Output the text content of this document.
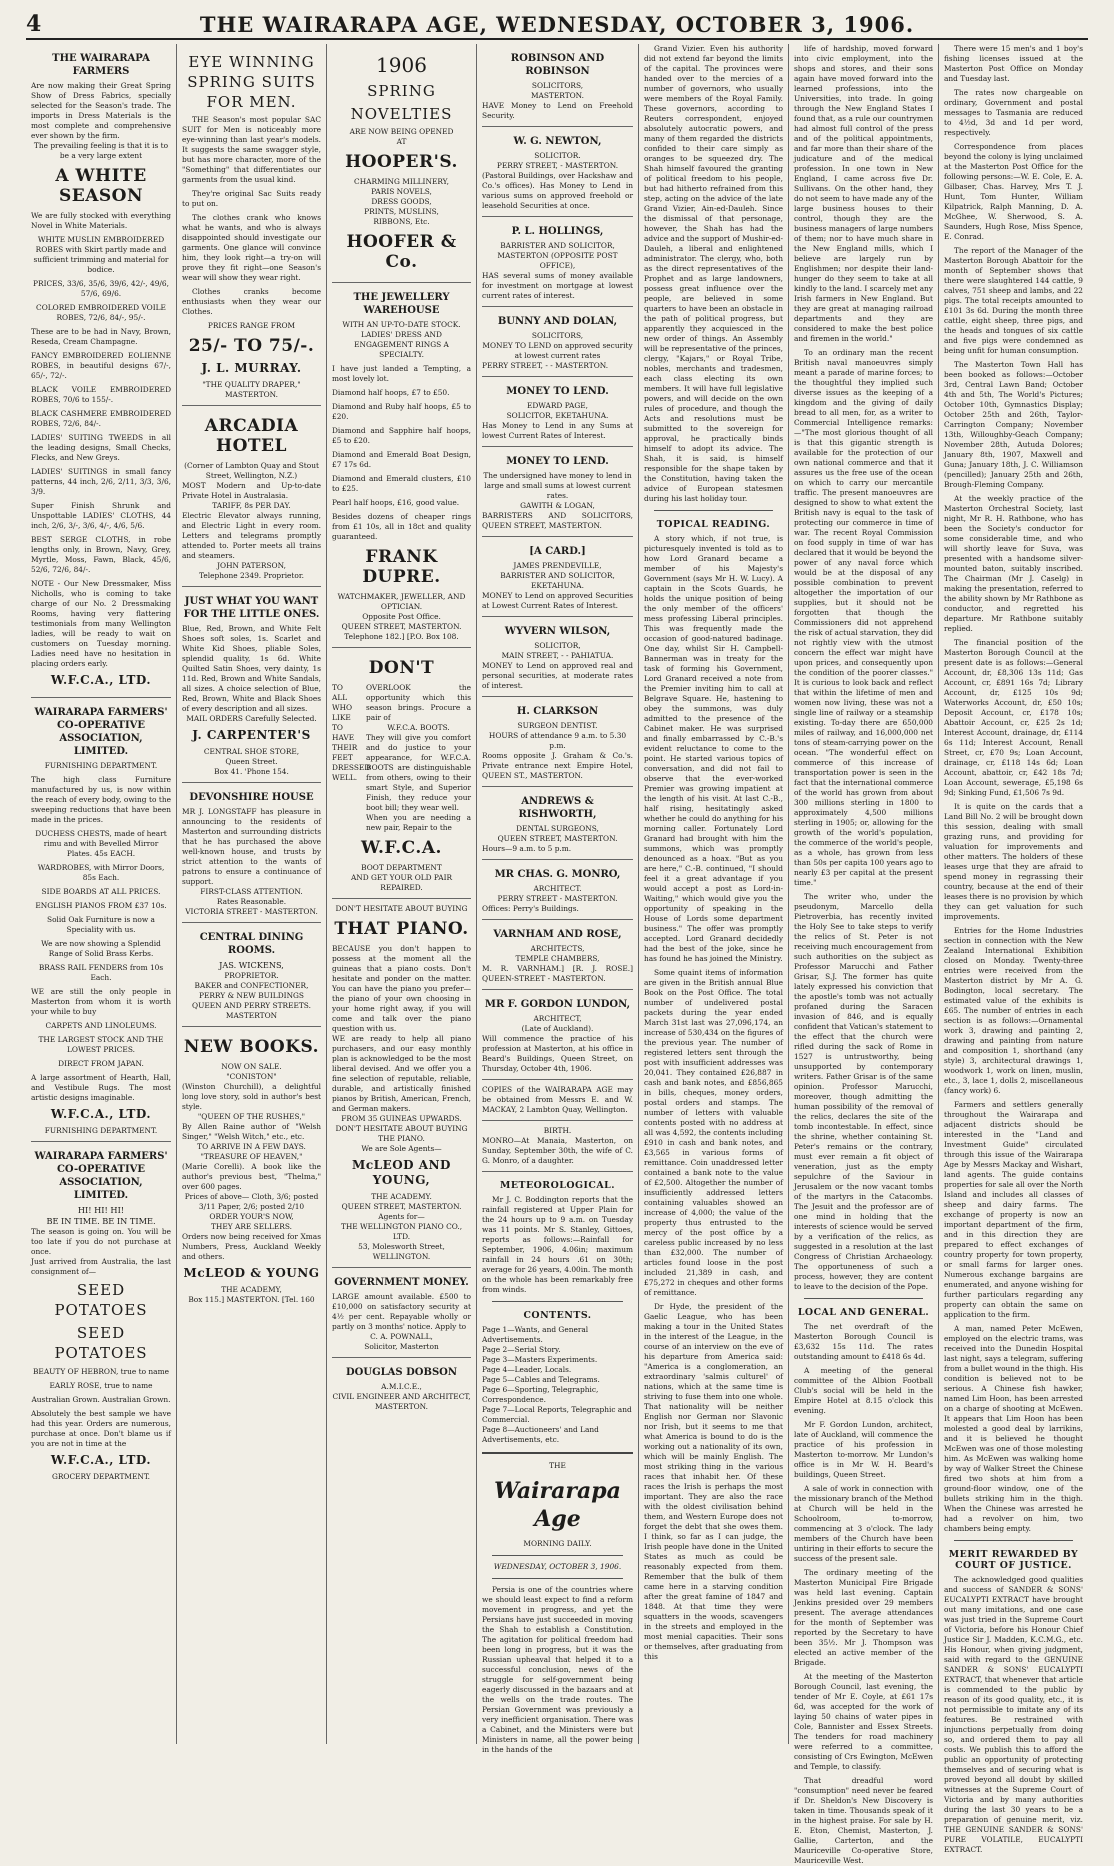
4	THE WAIRARAPA AGE, WEDNESDAY, OCTOBER 3, 1906.
THE WAIRARAPA FARMERS
Are now making their Great Spring Show of Dress Fabrics, specially selected for the Season's trade. The imports in Dress Materials is the most complete and comprehensive ever shown by the firm.
The prevailing feeling is that it is to be a very large extent
A WHITE SEASON
We are fully stocked with everything Novel in White Materials.
WHITE MUSLIN EMBROIDERED ROBES with Skirt partly made and sufficient trimming and material for bodice.
PRICES, 33/6, 35/6, 39/6, 42/-, 49/6, 57/6, 69/6.
COLORED EMBROIDERED VOILE ROBES, 72/6, 84/-, 95/-.
These are to be had in Navy, Brown, Reseda, Cream Champagne.
FANCY EMBROIDERED EOLIENNE ROBES, in beautiful designs 67/-, 65/-, 72/-.
BLACK VOILE EMBROIDERED ROBES, 70/6 to 155/-.
BLACK CASHMERE EMBROIDERED ROBES, 72/6, 84/-.
LADIES' SUITING TWEEDS in all the leading designs, Small Checks, Flecks, and New Greys.
LADIES' SUITINGS in small fancy patterns, 44 inch, 2/6, 2/11, 3/3, 3/6, 3/9.
Super Finish Shrunk and Unspottable LADIES' CLOTHS, 44 inch, 2/6, 3/-, 3/6, 4/-, 4/6, 5/6.
BEST SERGE CLOTHS, in robe lengths only, in Brown, Navy, Grey, Myrtle, Moss, Fawn, Black, 45/6, 52/6, 72/6, 84/-.
NOTE - Our New Dressmaker, Miss Nicholls, who is coming to take charge of our No. 2 Dressmaking Rooms, having very flattering testimonials from many Wellington ladies, will be ready to wait on customers on Tuesday morning. Ladies need have no hesitation in placing orders early.
W.F.C.A., LTD.
WAIRARAPA FARMERS' CO-OPERATIVE ASSOCIATION, LIMITED.
FURNISHING DEPARTMENT.
The high class Furniture manufactured by us, is now within the reach of every body, owing to the sweeping reductions that have been made in the prices.
DUCHESS CHESTS, made of heart rimu and with Bevelled Mirror Plates. 45s EACH.
WARDROBES, with Mirror Doors, 85s Each.
SIDE BOARDS AT ALL PRICES.
ENGLISH PIANOS FROM £37 10s.
Solid Oak Furniture is now a Speciality with us.
We are now showing a Splendid Range of Solid Brass Kerbs.
BRASS RAIL FENDERS from 10s Each.
WE are still the only people in Masterton from whom it is worth your while to buy
CARPETS AND LINOLEUMS.
THE LARGEST STOCK AND THE LOWEST PRICES.
DIRECT FROM JAPAN.
A large assortment of Hearth, Hall, and Vestibule Rugs. The most artistic designs imaginable.
W.F.C.A., LTD.
FURNISHING DEPARTMENT.
WAIRARAPA FARMERS' CO-OPERATIVE ASSOCIATION, LIMITED.
HI! HI! HI!
BE IN TIME. BE IN TIME.
The season is going on. You will be too late if you do not purchase at once.
Just arrived from Australia, the last consignment of—
SEED POTATOES
SEED POTATOES
BEAUTY OF HEBRON, true to name
EARLY ROSE, true to name
Australian Grown. Australian Grown.
Absolutely the best sample we have had this year. Orders are numerous, purchase at once. Don't blame us if you are not in time at the
W.F.C.A., LTD.
GROCERY DEPARTMENT.
EYE WINNING SPRING SUITS FOR MEN.

THE Season's most popular SAC SUIT for Men is noticeably more eye-winning than last year's models. It suggests the same swagger style, but has more character, more of the "Something" that differentiates our garments from the usual kind.

They're original Sac Suits ready to put on.

The clothes crank who knows what he wants, and who is always disappointed should investigate our garments. One glance will convince him, they look right—a try-on will prove they fit right—one Season's wear will show they wear right.

Clothes cranks become enthusiasts when they wear our Clothes.

PRICES RANGE FROM
25/- TO 75/-.
J. L. MURRAY.
"THE QUALITY DRAPER,"
MASTERTON.
ARCADIA HOTEL
(Corner of Lambton Quay and Stout Street, Wellington, N.Z.)
MOST Modern and Up-to-date Private Hotel in Australasia.
TARIFF, 8s PER DAY.
Electric Elevator always running, and Electric Light in every room. Letters and telegrams promptly attended to. Porter meets all trains and steamers.
JOHN PATERSON,
Telephone 2349. Proprietor.
JUST WHAT YOU WANT FOR THE LITTLE ONES.
Blue, Red, Brown, and White Felt Shoes soft soles, 1s. Scarlet and White Kid Shoes, pliable Soles, splendid quality, 1s 6d. White Quilted Satin Shoes, very dainty, 1s 11d. Red, Brown and White Sandals, all sizes. A choice selection of Blue, Red, Brown, White and Black Shoes of every description and all sizes.
MAIL ORDERS Carefully Selected.
J. CARPENTER'S
CENTRAL SHOE STORE,
Queen Street.
Box 41. 'Phone 154.
DEVONSHIRE HOUSE
MR J. LONGSTAFF has pleasure in announcing to the residents of Masterton and surrounding districts that he has purchased the above well-known house, and trusts by strict attention to the wants of patrons to ensure a continuance of support.
FIRST-CLASS ATTENTION.
Rates Reasonable.
VICTORIA STREET - MASTERTON.
CENTRAL DINING ROOMS.
JAS. WICKENS,
PROPRIETOR.
BAKER and CONFECTIONER,
PERRY & NEW BUILDINGS
QUEEN AND PERRY STREETS.
MASTERTON
NEW BOOKS.
NOW ON SALE.
"CONISTON"
(Winston Churchill), a delightful long love story, sold in author's best style.
"QUEEN OF THE RUSHES,"
By Allen Raine author of "Welsh Singer," "Welsh Witch," etc., etc.
TO ARRIVE IN A FEW DAYS.
"TREASURE OF HEAVEN,"
(Marie Corelli). A book like the author's previous best, "Thelma," over 600 pages.
Prices of above— Cloth, 3/6; posted 3/11 Paper, 2/6; posted 2/10
ORDER YOUR'S NOW,
THEY ARE SELLERS.
Orders now being received for Xmas Numbers, Press, Auckland Weekly and others.
McLEOD & YOUNG
THE ACADEMY,
Box 115.] MASTERTON. [Tel. 160
1906
SPRING
NOVELTIES
ARE NOW BEING OPENED
AT
HOOPER'S.
CHARMING MILLINERY,
PARIS NOVELS,
DRESS GOODS,
PRINTS, MUSLINS,
RIBBONS, Etc.
HOOFER & Co.
THE JEWELLERY WAREHOUSE
WITH AN UP-TO-DATE STOCK.
LADIES' DRESS AND ENGAGEMENT RINGS A SPECIALTY.
I have just landed a Tempting, a most lovely lot.
Diamond half hoops, £7 to £50.
Diamond and Ruby half hoops, £5 to £20.
Diamond and Sapphire half hoops, £5 to £20.
Diamond and Emerald Boat Design, £7 17s 6d.
Diamond and Emerald clusters, £10 to £25.
Pearl half hoops, £16, good value.
Besides dozens of cheaper rings from £1 10s, all in 18ct and quality guaranteed.
FRANK DUPRE.
WATCHMAKER, JEWELLER, AND OPTICIAN.
Opposite Post Office.
QUEEN STREET, MASTERTON.
Telephone 182.] [P.O. Box 108.
DON'T
TO
ALL
WHO
LIKE
TO
HAVE
THEIR
FEET
DRESSED
WELL.
OVERLOOK the opportunity which this season brings. Procure a pair of
W.F.C.A. BOOTS.
They will give you comfort and do justice to your appearance, for W.F.C.A. BOOTS are distinguishable from others, owing to their smart Style, and Superior Finish, they reduce your boot bill; they wear well.
When you are needing a new pair, Repair to the
W.F.C.A.
BOOT DEPARTMENT
AND GET YOUR OLD PAIR REPAIRED.
DON'T HESITATE ABOUT BUYING
THAT PIANO.
BECAUSE you don't happen to possess at the moment all the guineas that a piano costs. Don't hesitate and ponder on the matter. You can have the piano you prefer—the piano of your own choosing in your home right away, if you will come and talk over the piano question with us.
WE are ready to help all piano purchasers, and our easy monthly plan is acknowledged to be the most liberal devised. And we offer you a fine selection of reputable, reliable, durable, and artistically finished pianos by British, American, French, and German makers.
FROM 35 GUINEAS UPWARDS.
DON'T HESITATE ABOUT BUYING THE PIANO.
We are Sole Agents—
McLEOD AND YOUNG,
THE ACADEMY.
QUEEN STREET, MASTERTON.
Agents for—
THE WELLINGTON PIANO CO., LTD.
53, Molesworth Street, WELLINGTON.
GOVERNMENT MONEY.
LARGE amount available. £500 to £10,000 on satisfactory security at 4½ per cent. Repayable wholly or partly on 3 months' notice. Apply to
C. A. POWNALL,
Solicitor, Masterton
DOUGLAS DOBSON
A.M.I.C.E.,
CIVIL ENGINEER AND ARCHITECT, MASTERTON.
ROBINSON AND ROBINSON
SOLICITORS,
MASTERTON.
HAVE Money to Lend on Freehold Security.
W. G. NEWTON,
SOLICITOR.
PERRY STREET, - MASTERTON.
(Pastoral Buildings, over Hackshaw and Co.'s offices). Has Money to Lend in various sums on approved freehold or leasehold Securities at once.
P. L. HOLLINGS,
BARRISTER AND SOLICITOR,
MASTERTON (OPPOSITE POST OFFICE),
HAS several sums of money available for investment on mortgage at lowest current rates of interest.
BUNNY AND DOLAN,
SOLICITORS,
MONEY TO LEND on approved security at lowest current rates
PERRY STREET, - - MASTERTON.
MONEY TO LEND.
EDWARD PAGE,
SOLICITOR, EKETAHUNA.
Has Money to Lend in any Sums at lowest Current Rates of Interest.
MONEY TO LEND.
The undersigned have money to lend in large and small sums at lowest current rates.
GAWITH & LOGAN,
BARRISTERS AND SOLICITORS, QUEEN STREET, MASTERTON.
[A CARD.]
JAMES PRENDEVILLE,
BARRISTER AND SOLICITOR, EKETAHUNA.
MONEY to Lend on approved Securities at Lowest Current Rates of Interest.
WYVERN WILSON,
SOLICITOR,
MAIN STREET, - - PAHIATUA.
MONEY to Lend on approved real and personal securities, at moderate rates of interest.
H. CLARKSON
SURGEON DENTIST.
HOURS of attendance 9 a.m. to 5.30 p.m.
Rooms opposite J. Graham & Co.'s. Private entrance next Empire Hotel, QUEEN ST., MASTERTON.
ANDREWS & RISHWORTH,
DENTAL SURGEONS,
QUEEN STREET, MASTERTON.
Hours—9 a.m. to 5 p.m.
MR CHAS. G. MONRO,
ARCHITECT.
PERRY STREET - MASTERTON.
Offices: Perry's Buildings.
VARNHAM AND ROSE,
ARCHITECTS,
TEMPLE CHAMBERS,
M. R. VARNHAM.] [R. J. ROSE.] QUEEN-STREET - MASTERTON.
MR F. GORDON LUNDON,
ARCHITECT,
(Late of Auckland).
Will commence the practice of his profession at Masterton, at his office in Beard's Buildings, Queen Street, on Thursday, October 4th, 1906.
COPIES of the WAIRARAPA AGE may be obtained from Messrs E. and W. MACKAY, 2 Lambton Quay, Wellington.
BIRTH.
MONRO—At Manaia, Masterton, on Sunday, September 30th, the wife of C. G. Monro, of a daughter.
METEOROLOGICAL.

Mr J. C. Boddington reports that the rainfall registered at Upper Plain for the 24 hours up to 9 a.m. on Tuesday was 11 points. Mr S. Stanley, Gittoes, reports as follows:—Rainfall for September, 1906, 4.06in; maximum rainfall in 24 hours .61 on 30th; average for 26 years, 4.00in. The month on the whole has been remarkably free from winds.

CONTENTS.
Page 1—Wants, and General Advertisements.
Page 2—Serial Story.
Page 3—Masters Experiments.
Page 4—Leader, Locals.
Page 5—Cables and Telegrams.
Page 6—Sporting, Telegraphic, Correspondence.
Page 7—Local Reports, Telegraphic and Commercial.
Page 8—Auctioneers' and Land Advertisements, etc.
THE
Wairarapa Age
MORNING DAILY.
WEDNESDAY, OCTOBER 3, 1906.

Persia is one of the countries where we should least expect to find a reform movement in progress, and yet the Persians have just succeeded in moving the Shah to establish a Constitution. The agitation for political freedom had been long in progress, but it was the Russian upheaval that helped it to a successful conclusion, news of the struggle for self-government being eagerly discussed in the bazaars and at the wells on the trade routes. The Persian Government was previously a very inefficient organisation. There was a Cabinet, and the Ministers were but Ministers in name, all the power being in the hands of the

Grand Vizier. Even his authority did not extend far beyond the limits of the capital. The provinces were handed over to the mercies of a number of governors, who usually were members of the Royal Family. These governors, according to Reuters correspondent, enjoyed absolutely autocratic powers, and many of them regarded the districts confided to their care simply as oranges to be squeezed dry. The Shah himself favoured the granting of political freedom to his people, but had hitherto refrained from this step, acting on the advice of the late Grand Vizier, Ain-ed-Dauleh. Since the dismissal of that personage, however, the Shah has had the advice and the support of Mushir-ed-Dauleh, a liberal and enlightened administrator. The clergy, who, both as the direct representatives of the Prophet and as large landowners, possess great influence over the people, are believed in some quarters to have been an obstacle in the path of political progress, but apparently they acquiesced in the new order of things. An Assembly will be representative of the princes, clergy, "Kajars," or Royal Tribe, nobles, merchants and tradesmen, each class electing its own members. It will have full legislative powers, and will decide on the own rules of procedure, and though the Acts and resolutions must be submitted to the sovereign for approval, he practically binds himself to adopt its advice. The Shah, it is said, is himself responsible for the shape taken by the Constitution, having taken the advice of European statesmen during his last holiday tour.

TOPICAL READING.

A story which, if not true, is picturesquely invented is told as to how Lord Granard became a member of his Majesty's Government (says Mr H. W. Lucy). A captain in the Scots Guards, he holds the unique position of being the only member of the officers' mess professing Liberal principles. This was frequently made the occasion of good-natured badinage. One day, whilst Sir H. Campbell-Bannerman was in treaty for the task of forming his Government, Lord Granard received a note from the Premier inviting him to call at Belgrave Square. He, hastening to obey the summons, was duly admitted to the presence of the Cabinet maker. He was surprised and finally embarrassed by C.-B.'s evident reluctance to come to the point. He started various topics of conversation, and did not fail to observe that the ever-worked Premier was growing impatient at the length of his visit. At last C.-B., half rising, hesitatingly asked whether he could do anything for his morning caller. Fortunately Lord Granard had brought with him the summons, which was promptly denounced as a hoax. "But as you are here," C.-B. continued, "I should feel it a great advantage if you would accept a post as Lord-in-Waiting," which would give you the opportunity of speaking in the House of Lords some department business." The offer was promptly accepted. Lord Granard decidedly had the best of the joke, since he has found he has joined the Ministry.

Some quaint items of information are given in the British annual Blue Book on the Post Office. The total number of undelivered postal packets during the year ended March 31st last was 27,096,174, an increase of 530,434 on the figures of the previous year. The number of registered letters sent through the post with insufficient addresses was 20,041. They contained £26,887 in cash and bank notes, and £856,865 in bills, cheques, money orders, postal orders and stamps. The number of letters with valuable contents posted with no address at all was 4,592, the contents including £910 in cash and bank notes, and £3,565 in various forms of remittance. Coin unaddressed letter contained a bank note to the value of £2,500. Altogether the number of insufficiently addressed letters containing valuables showed an increase of 4,000; the value of the property thus entrusted to the mercy of the post office by a careless public increased by no less than £32,000. The number of articles found loose in the post included 21,389 in cash, and £75,272 in cheques and other forms of remittance.

Dr Hyde, the president of the Gaelic League, who has been making a tour in the United States in the interest of the League, in the course of an interview on the eve of his departure from America said: "America is a conglomeration, an extraordinary 'salmis culturel' of nations, which at the same time is striving to fuse them into one whole. That nationality will be neither English nor German nor Slavonic nor Irish, but it seems to me that what America is bound to do is the working out a nationality of its own, which will be mainly English. The most striking thing in the various races that inhabit her. Of these races the Irish is perhaps the most important. They are also the race with the oldest civilisation behind them, and Western Europe does not forget the debt that she owes them. I think, so far as I can judge, the Irish people have done in the United States as much as could be reasonably expected from them. Remember that the bulk of them came here in a starving condition after the great famine of 1847 and 1848. At that time they were squatters in the woods, scavengers in the streets and employed in the most menial capacities. Their sons or themselves, after graduating from this

life of hardship, moved forward into civic employment, into the shops and stores, and their sons again have moved forward into the learned professions, into the Universities, into trade. In going through the New England States I found that, as a rule our countrymen had almost full control of the press and of the political appointments, and far more than their share of the judicature and of the medical profession. In one town in New England, I came across five Dr. Sullivans. On the other hand, they do not seem to have made any of the large business houses to their control, though they are the business managers of large numbers of them; nor to have much share in the New England mills, which I believe are largely run by Englishmen; nor despite their land-hunger do they seem to take at all kindly to the land. I scarcely met any Irish farmers in New England. But they are great at managing railroad departments and they are considered to make the best police and firemen in the world."

To an ordinary man the recent British naval manoeuvres simply meant a parade of marine forces; to the thoughtful they implied such diverse issues as the keeping of a kingdom and the giving of daily bread to all men, for, as a writer to Commercial Intelligence remarks:—"The most glorious thought of all is that this gigantic strength is available for the protection of our own national commerce and that it assures us the free use of the ocean on which to carry our mercantile traffic. The present manoeuvres are designed to show to what extent the British navy is equal to the task of protecting our commerce in time of war. The recent Royal Commission on food supply in time of war has declared that it would be beyond the power of any naval force which would be at the disposal of any possible combination to prevent altogether the importation of our supplies, but it should not be forgotten that though the Commissioners did not apprehend the risk of actual starvation, they did not rightly view with the utmost concern the effect war might have upon prices, and consequently upon the condition of the poorer classes." It is curious to look back and reflect that within the lifetime of men and women now living, these was not a single line of railway or a steamship existing. To-day there are 650,000 miles of railway, and 16,000,000 net tons of steam-carrying power on the ocean. "The wonderful effect on commerce of this increase of transportation power is seen in the fact that the international commerce of the world has grown from about 300 millions sterling in 1800 to approximately 4,500 millions sterling in 1905; or, allowing for the growth of the world's population, the commerce of the world's people, as a whole, has grown from less than 50s per capita 100 years ago to nearly £3 per capital at the present time."

The writer who, under the pseudonym, Marcello della Pietroverbia, has recently invited the Holy See to take steps to verify the relics of St. Peter is not receiving much encouragement from such authorities on the subject as Professor Marucchi and Father Grisar, S.J. The former has quite lately expressed his conviction that the apostle's tomb was not actually profaned during the Saracen invasion of 846, and is equally confident that Vatican's statement to the effect that the church were rifled during the sack of Rome in 1527 is untrustworthy, being unsupported by contemporary writers. Father Grisar is of the same opinion. Professor Marucchi, moreover, though admitting the human possibility of the removal of the relics, declares the site of the tomb incontestable. In effect, since the shrine, whether containing St. Peter's remains or the contrary, must ever remain a fit object of veneration, just as the empty sepulchre of the Saviour in Jerusalem or the now vacant tombs of the martyrs in the Catacombs. The Jesuit and the professor are of one mind in holding that the interests of science would be served by a verification of the relics, as suggested in a resolution at the last Congress of Christian Archaeology. The opportuneness of such a process, however, they are content to leave to the decision of the Pope.

LOCAL AND GENERAL.

The net overdraft of the Masterton Borough Council is £3,632 15s 11d. The rates outstanding amount to £418 6s 4d.

A meeting of the general committee of the Albion Football Club's social will be held in the Empire Hotel at 8.15 o'clock this evening.

Mr F. Gordon Lundon, architect, late of Auckland, will commence the practice of his profession in Masterton to-morrow. Mr Lundon's office is in Mr W. H. Beard's buildings, Queen Street.

A sale of work in connection with the missionary branch of the Method at Church will be held in the Schoolroom, to-morrow, commencing at 3 o'clock. The lady members of the Church have been untiring in their efforts to secure the success of the present sale.

The ordinary meeting of the Masterton Municipal Fire Brigade was held last evening. Captain Jenkins presided over 29 members present. The average attendances for the month of September was reported by the Secretary to have been 35½. Mr J. Thompson was elected an active member of the Brigade.

At the meeting of the Masterton Borough Council, last evening, the tender of Mr E. Coyle, at £61 17s 6d, was accepted for the work of laying 50 chains of water pipes in Cole, Bannister and Essex Streets. The tenders for road machinery were referred to a committee, consisting of Crs Ewington, McEwen and Temple, to classify.

That dreadful word "consumption" need never be feared if Dr. Sheldon's New Discovery is taken in time. Thousands speak of it in the highest praise. For sale by H. E. Eton, Chemist, Masterton, J. Gallie, Carterton, and the Mauriceville Co-operative Store, Mauriceville West.

There were 15 men's and 1 boy's fishing licenses issued at the Masterton Post Office on Monday and Tuesday last.

The rates now chargeable on ordinary, Government and postal messages to Tasmania are reduced to 4½d, 3d and 1d per word, respectively.

Correspondence from places beyond the colony is lying unclaimed at the Masterton Post Office for the following persons:—W. E. Cole, E. A. Gilbaser, Chas. Harvey, Mrs T. J. Hunt, Tom Hunter, William Kilpatrick, Ralph Manning, D. A. McGhee, W. Sherwood, S. A. Saunders, Hugh Rose, Miss Spence, E. Conrad.

The report of the Manager of the Masterton Borough Abattoir for the month of September shows that there were slaughtered 144 cattle, 9 calves, 751 sheep and lambs, and 22 pigs. The total receipts amounted to £101 3s 6d. During the month three cattle, eight sheep, three pigs, and the heads and tongues of six cattle and five pigs were condemned as being unfit for human consumption.

The Masterton Town Hall has been booked as follows:—October 3rd, Central Lawn Band; October 4th and 5th, The World's Pictures; October 10th, Gymnastics Display; October 25th and 26th, Taylor-Carrington Company; November 13th, Willoughby-Geach Company; November 28th, Autuda Dolores; January 8th, 1907, Maxwell and Guna; January 18th, J. C. Williamson (pencilled); January 25th and 26th, Brough-Fleming Company.

At the weekly practice of the Masterton Orchestral Society, last night, Mr R. H. Rathbone, who has been the Society's conductor for some considerable time, and who will shortly leave for Suva, was presented with a handsome silver-mounted baton, suitably inscribed. The Chairman (Mr J. Caselg) in making the presentation, referred to the ability shown by Mr Rathbone as conductor, and regretted his departure. Mr Rathbone suitably replied.

The financial position of the Masterton Borough Council at the present date is as follows:—General Account, dr, £8,306 13s 11d; Gas Account, cr, £891 16s 7d; Library Account, dr, £125 10s 9d; Waterworks Account, dr, £50 10s; Deposit Account, cr, £178 10s; Abattoir Account, cr, £25 2s 1d; Interest Account, drainage, dr, £114 6s 11d; Interest Account, Renall Street, cr, £70 9s; Loan Account, drainage, cr, £118 14s 6d; Loan Account, abattoir, cr, £42 18s 7d; Loan Account, sewerage, £5,198 6s 9d; Sinking Fund, £1,506 7s 9d.

It is quite on the cards that a Land Bill No. 2 will be brought down this session, dealing with small grazing runs, and providing for valuation for improvements and other matters. The holders of these leases urge that they are afraid to spend money in regrassing their country, because at the end of their leases there is no provision by which they can get valuation for such improvements.

Entries for the Home Industries section in connection with the New Zealand International Exhibition closed on Monday. Twenty-three entries were received from the Masterton district by Mr A. G. Bodington, local secretary. The estimated value of the exhibits is £65. The number of entries in each section is as follows:—Ornamental work 3, drawing and painting 2, drawing and painting from nature and composition 1, shorthand (any style) 3, architectural drawings 1, woodwork 1, work on linen, muslin, etc., 3, lace 1, dolls 2, miscellaneous (fancy work) 6.

Farmers and settlers generally throughout the Wairarapa and adjacent districts should be interested in the "Land and Investment Guide" circulated through this issue of the Wairarapa Age by Messrs Mackay and Wishart, land agents. The guide contains properties for sale all over the North Island and includes all classes of sheep and dairy farms. The exchange of property is now an important department of the firm, and in this direction they are prepared to effect exchanges of country property for town property, or small farms for larger ones. Numerous exchange bargains are enumerated, and anyone wishing for further particulars regarding any property can obtain the same on application to the firm.

A man, named Peter McEwen, employed on the electric trams, was received into the Dunedin Hospital last night, says a telegram, suffering from a bullet wound in the thigh. His condition is believed not to be serious. A Chinese fish hawker, named Lim Hoon, has been arrested on a charge of shooting at McEwen. It appears that Lim Hoon has been molested a good deal by larrikins, and it is believed he thought McEwen was one of those molesting him. As McEwen was walking home by way of Walker Street the Chinese fired two shots at him from a ground-floor window, one of the bullets striking him in the thigh. When the Chinese was arrested he had a revolver on him, two chambers being empty.

MERIT REWARDED BY COURT OF JUSTICE.

The acknowledged good qualities and success of SANDER & SONS' EUCALYPTI EXTRACT have brought out many imitations, and one case was just tried in the Supreme Court of Victoria, before his Honour Chief Justice Sir J. Madden, K.C.M.G., etc. His Honour, when giving judgment, said with regard to the GENUINE SANDER & SONS' EUCALYPTI EXTRACT, that whenever that article is commended to the public by reason of its good quality, etc., it is not permissible to imitate any of its features. Be restrained with injunctions perpetually from doing so, and ordered them to pay all costs. We publish this to afford the public an opportunity of protecting themselves and of securing what is proved beyond all doubt by skilled witnesses at the Supreme Court of Victoria and by many authorities during the last 30 years to be a preparation of genuine merit, viz. THE GENUINE SANDER & SONS' PURE VOLATILE, EUCALYPTI EXTRACT.
